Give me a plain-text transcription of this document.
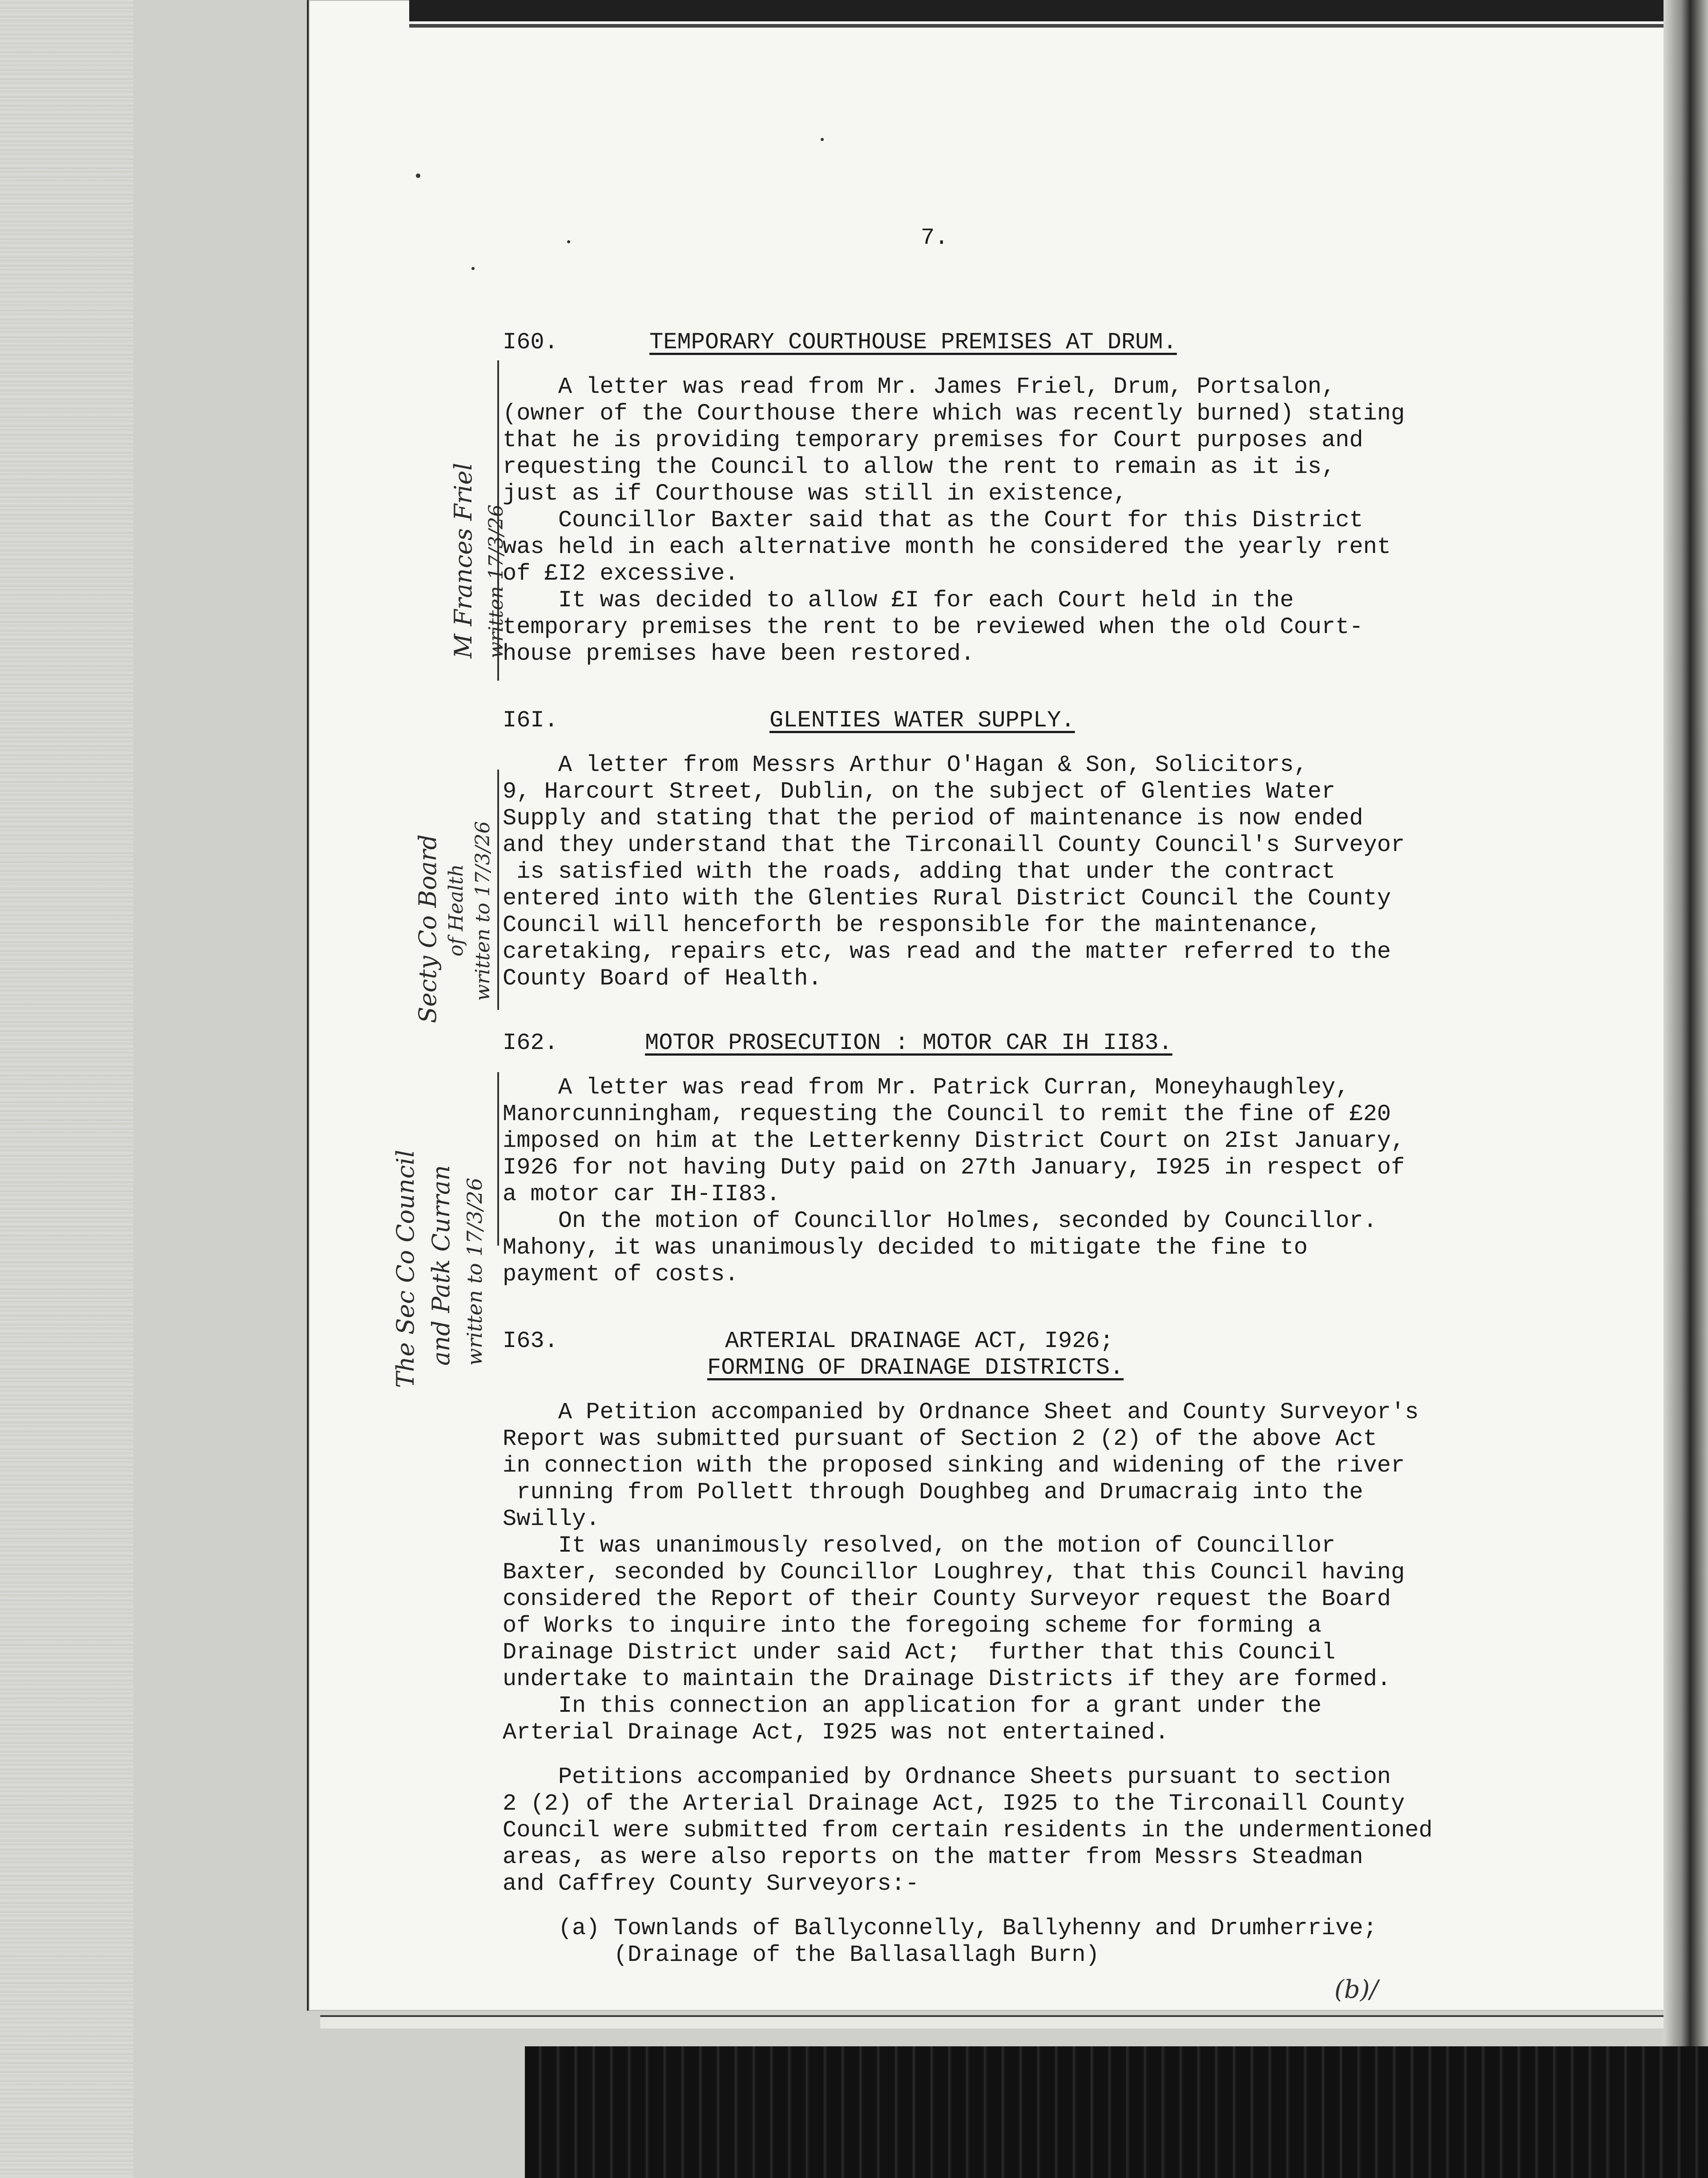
7.
I60.	TEMPORARY COURTHOUSE PREMISES AT DRUM.
A letter was read from Mr. James Friel, Drum, Portsalon,
(owner of the Courthouse there which was recently burned) stating
that he is providing temporary premises for Court purposes and
requesting the Council to allow the rent to remain as it is,
just as if Courthouse was still in existence,
Councillor Baxter said that as the Court for this District
was held in each alternative month he considered the yearly rent
of £I2 excessive.
It was decided to allow £I for each Court held in the
temporary premises the rent to be reviewed when the old Court-
house premises have been restored.
I6I.	GLENTIES WATER SUPPLY.
A letter from Messrs Arthur O'Hagan & Son, Solicitors,
9, Harcourt Street, Dublin, on the subject of Glenties Water
Supply and stating that the period of maintenance is now ended
and they understand that the Tirconaill County Council's Surveyor
is satisfied with the roads, adding that under the contract
entered into with the Glenties Rural District Council the County
Council will henceforth be responsible for the maintenance,
caretaking, repairs etc, was read and the matter referred to the
County Board of Health.
I62.	MOTOR PROSECUTION : MOTOR CAR IH II83.
A letter was read from Mr. Patrick Curran, Moneyhaughley,
Manorcunningham, requesting the Council to remit the fine of £20
imposed on him at the Letterkenny District Court on 2Ist January,
I926 for not having Duty paid on 27th January, I925 in respect of
a motor car IH-II83.
On the motion of Councillor Holmes, seconded by Councillor.
Mahony, it was unanimously decided to mitigate the fine to
payment of costs.
I63.	ARTERIAL DRAINAGE ACT, I926;
FORMING OF DRAINAGE DISTRICTS.
A Petition accompanied by Ordnance Sheet and County Surveyor's
Report was submitted pursuant of Section 2 (2) of the above Act
in connection with the proposed sinking and widening of the river
running from Pollett through Doughbeg and Drumacraig into the
Swilly.
It was unanimously resolved, on the motion of Councillor
Baxter, seconded by Councillor Loughrey, that this Council having
considered the Report of their County Surveyor request the Board
of Works to inquire into the foregoing scheme for forming a
Drainage District under said Act;  further that this Council
undertake to maintain the Drainage Districts if they are formed.
In this connection an application for a grant under the
Arterial Drainage Act, I925 was not entertained.
Petitions accompanied by Ordnance Sheets pursuant to section
2 (2) of the Arterial Drainage Act, I925 to the Tirconaill County
Council were submitted from certain residents in the undermentioned
areas, as were also reports on the matter from Messrs Steadman
and Caffrey County Surveyors:-
(a) Townlands of Ballyconnelly, Ballyhenny and Drumherrive;
(Drainage of the Ballasallagh Burn)
(b)/
M Frances Friel written 17/3/26
Secty Co Board of Health written to 17/3/26
The Sec Co Council and Patk Curran written to 17/3/26
